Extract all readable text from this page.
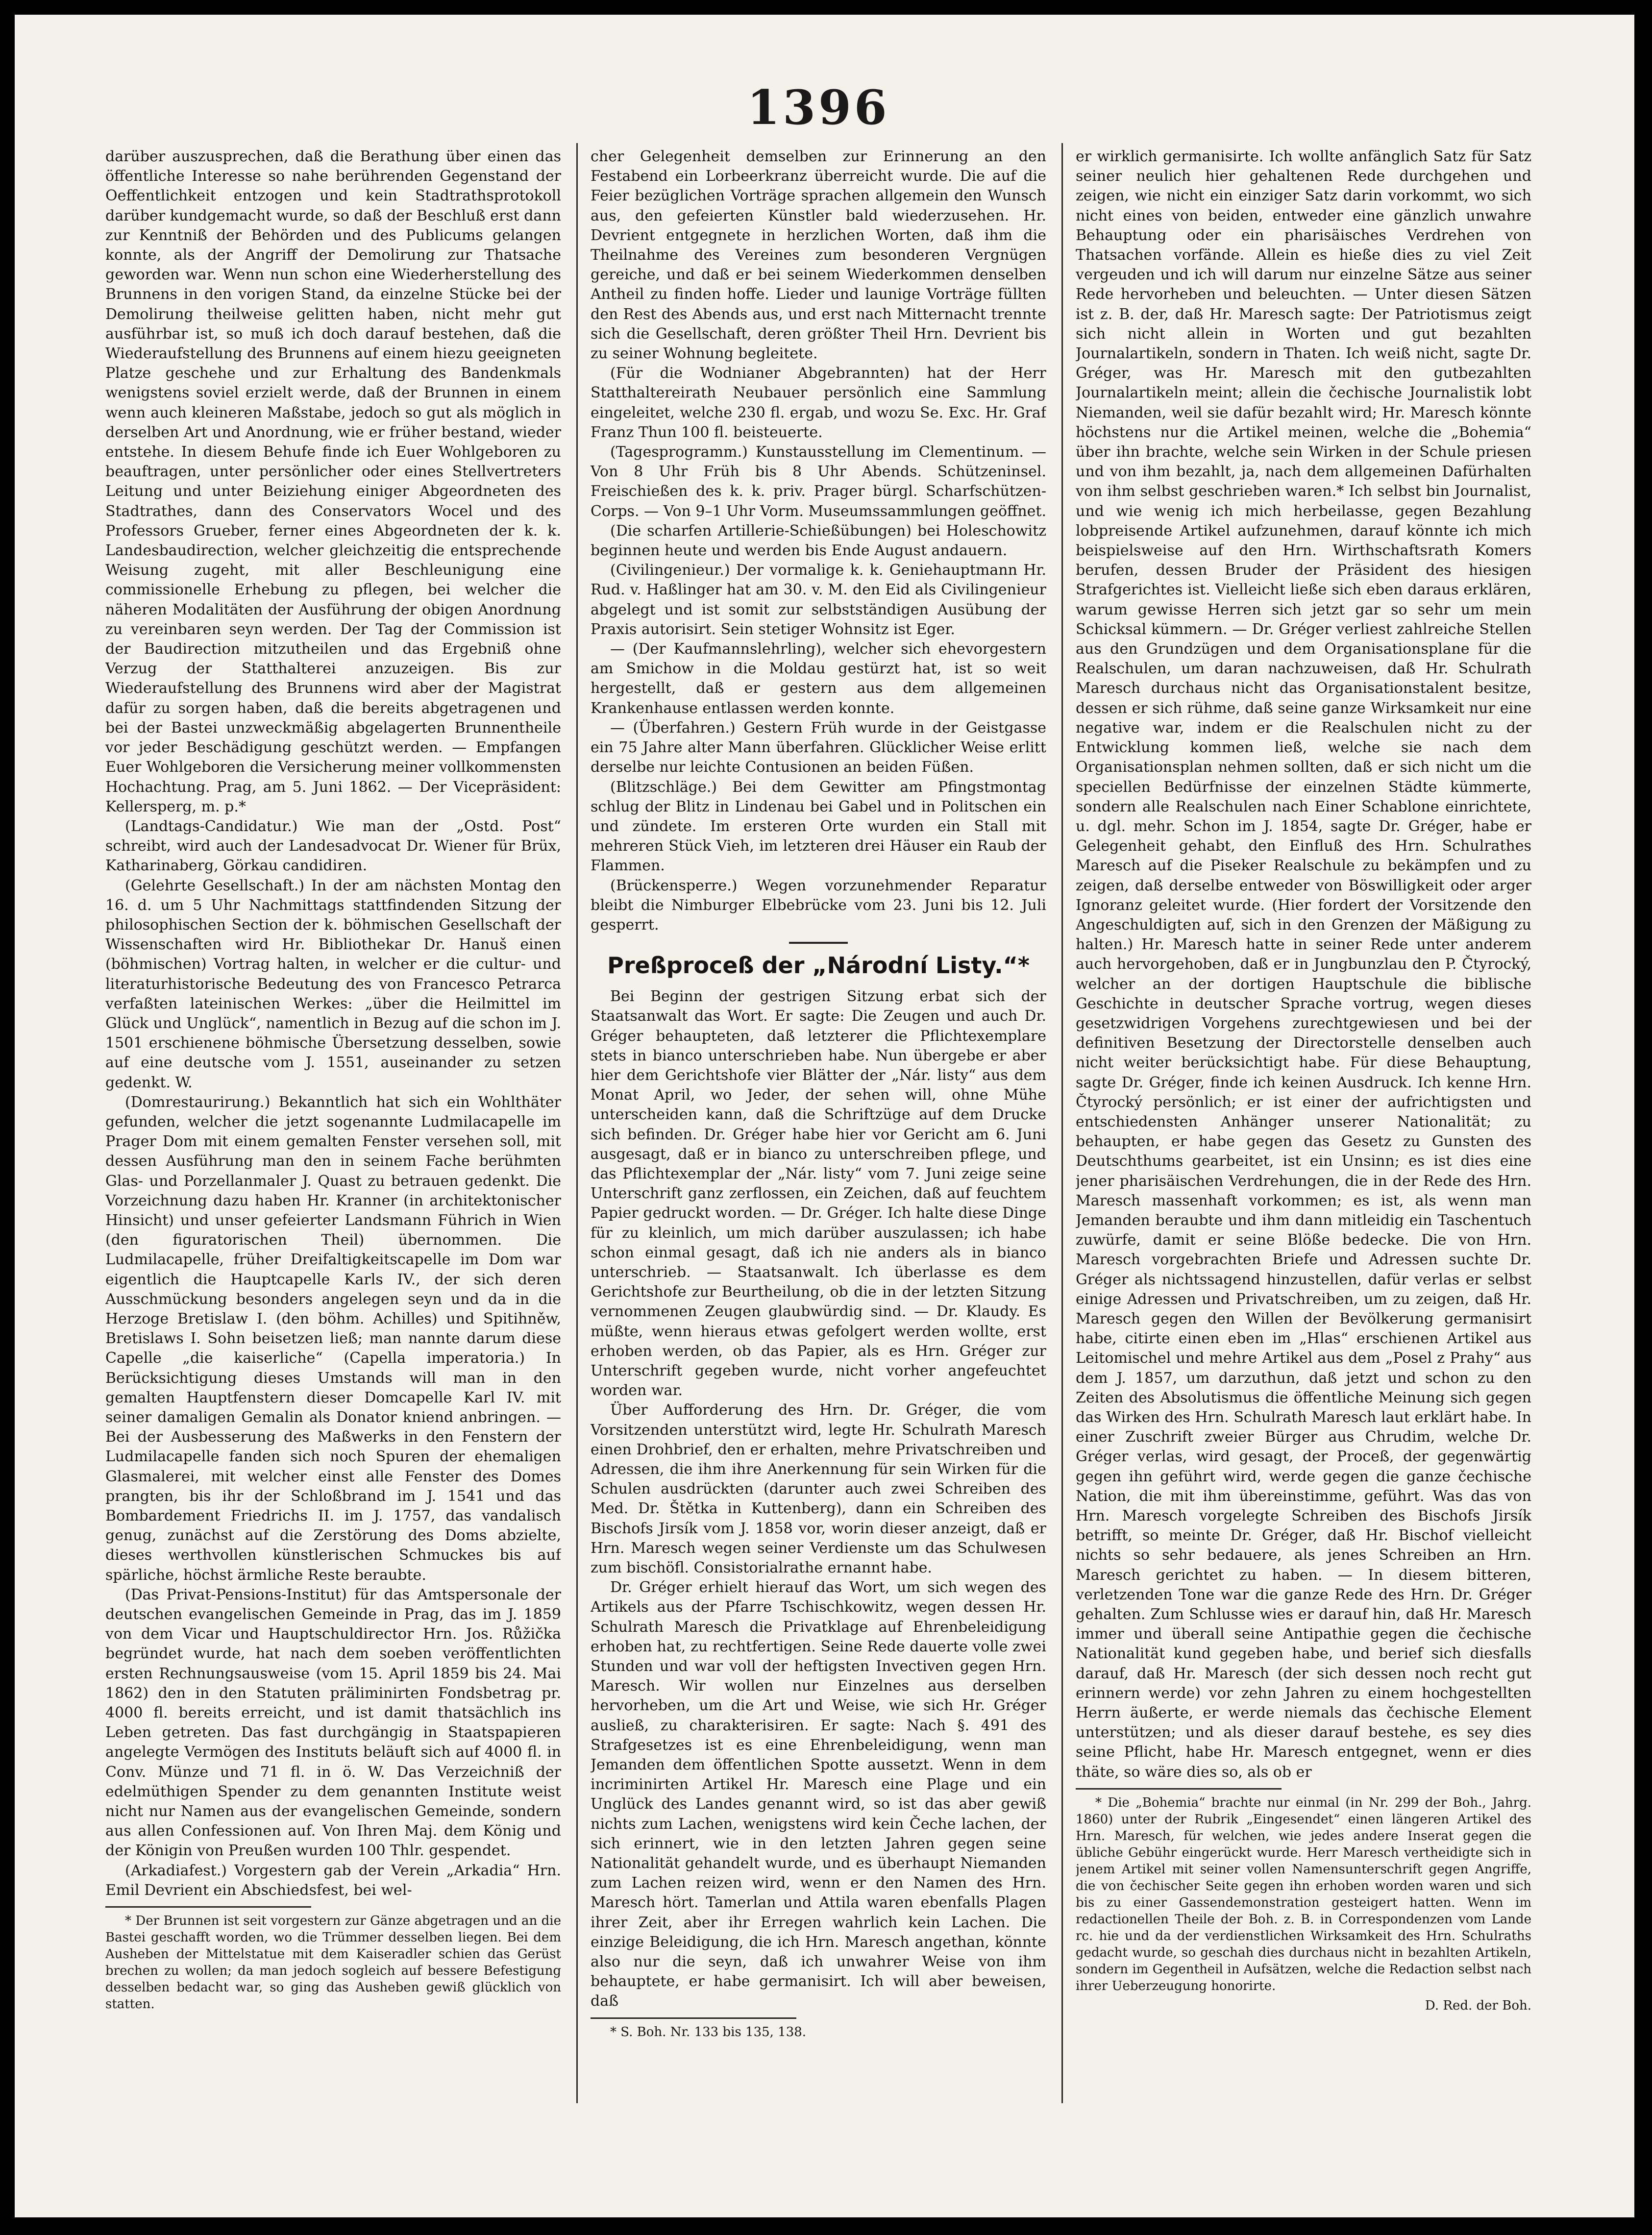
1396

darüber auszusprechen, daß die Berathung über einen das öffentliche Interesse so nahe berührenden Gegenstand der Oeffentlichkeit entzogen und kein Stadtrathsprotokoll darüber kundgemacht wurde, so daß der Beschluß erst dann zur Kenntniß der Behörden und des Publicums gelangen konnte, als der Angriff der Demolirung zur Thatsache geworden war. Wenn nun schon eine Wiederherstellung des Brunnens in den vorigen Stand, da einzelne Stücke bei der Demolirung theilweise gelitten haben, nicht mehr gut ausführbar ist, so muß ich doch darauf bestehen, daß die Wiederaufstellung des Brunnens auf einem hiezu geeigneten Platze geschehe und zur Erhaltung des Bandenkmals wenigstens soviel erzielt werde, daß der Brunnen in einem wenn auch kleineren Maßstabe, jedoch so gut als möglich in derselben Art und Anordnung, wie er früher bestand, wieder entstehe. In diesem Behufe finde ich Euer Wohlgeboren zu beauftragen, unter persönlicher oder eines Stellvertreters Leitung und unter Beiziehung einiger Abgeordneten des Stadtrathes, dann des Conservators Wocel und des Professors Grueber, ferner eines Abgeordneten der k. k. Landesbaudirection, welcher gleichzeitig die entsprechende Weisung zugeht, mit aller Beschleunigung eine commissionelle Erhebung zu pflegen, bei welcher die näheren Modalitäten der Ausführung der obigen Anordnung zu vereinbaren seyn werden. Der Tag der Commission ist der Baudirection mitzutheilen und das Ergebniß ohne Verzug der Statthalterei anzuzeigen. Bis zur Wiederaufstellung des Brunnens wird aber der Magistrat dafür zu sorgen haben, daß die bereits abgetragenen und bei der Bastei unzweckmäßig abgelagerten Brunnentheile vor jeder Beschädigung geschützt werden. — Empfangen Euer Wohlgeboren die Versicherung meiner vollkommensten Hochachtung. Prag, am 5. Juni 1862. — Der Vicepräsident: Kellersperg, m. p.*

(Landtags-Candidatur.) Wie man der „Ostd. Post“ schreibt, wird auch der Landesadvocat Dr. Wiener für Brüx, Katharinaberg, Görkau candidiren.

(Gelehrte Gesellschaft.) In der am nächsten Montag den 16. d. um 5 Uhr Nachmittags stattfindenden Sitzung der philosophischen Section der k. böhmischen Gesellschaft der Wissenschaften wird Hr. Bibliothekar Dr. Hanuš einen (böhmischen) Vortrag halten, in welcher er die cultur- und literaturhistorische Bedeutung des von Francesco Petrarca verfaßten lateinischen Werkes: „über die Heilmittel im Glück und Unglück“, namentlich in Bezug auf die schon im J. 1501 erschienene böhmische Übersetzung desselben, sowie auf eine deutsche vom J. 1551, auseinander zu setzen gedenkt. W.

(Domrestaurirung.) Bekanntlich hat sich ein Wohlthäter gefunden, welcher die jetzt sogenannte Ludmilacapelle im Prager Dom mit einem gemalten Fenster versehen soll, mit dessen Ausführung man den in seinem Fache berühmten Glas- und Porzellanmaler J. Quast zu betrauen gedenkt. Die Vorzeichnung dazu haben Hr. Kranner (in architektonischer Hinsicht) und unser gefeierter Landsmann Führich in Wien (den figuratorischen Theil) übernommen. Die Ludmilacapelle, früher Dreifaltigkeitscapelle im Dom war eigentlich die Hauptcapelle Karls IV., der sich deren Ausschmückung besonders angelegen seyn und da in die Herzoge Bretislaw I. (den böhm. Achilles) und Spitihněw, Bretislaws I. Sohn beisetzen ließ; man nannte darum diese Capelle „die kaiserliche“ (Capella imperatoria.) In Berücksichtigung dieses Umstands will man in den gemalten Hauptfenstern dieser Domcapelle Karl IV. mit seiner damaligen Gemalin als Donator kniend anbringen. — Bei der Ausbesserung des Maßwerks in den Fenstern der Ludmilacapelle fanden sich noch Spuren der ehemaligen Glasmalerei, mit welcher einst alle Fenster des Domes prangten, bis ihr der Schloßbrand im J. 1541 und das Bombardement Friedrichs II. im J. 1757, das vandalisch genug, zunächst auf die Zerstörung des Doms abzielte, dieses werthvollen künstlerischen Schmuckes bis auf spärliche, höchst ärmliche Reste beraubte.

(Das Privat-Pensions-Institut) für das Amtspersonale der deutschen evangelischen Gemeinde in Prag, das im J. 1859 von dem Vicar und Hauptschuldirector Hrn. Jos. Růžička begründet wurde, hat nach dem soeben veröffentlichten ersten Rechnungsausweise (vom 15. April 1859 bis 24. Mai 1862) den in den Statuten präliminirten Fondsbetrag pr. 4000 fl. bereits erreicht, und ist damit thatsächlich ins Leben getreten. Das fast durchgängig in Staatspapieren angelegte Vermögen des Instituts beläuft sich auf 4000 fl. in Conv. Münze und 71 fl. in ö. W. Das Verzeichniß der edelmüthigen Spender zu dem genannten Institute weist nicht nur Namen aus der evangelischen Gemeinde, sondern aus allen Confessionen auf. Von Ihren Maj. dem König und der Königin von Preußen wurden 100 Thlr. gespendet.

(Arkadiafest.) Vorgestern gab der Verein „Arkadia“ Hrn. Emil Devrient ein Abschiedsfest, bei wel-

* Der Brunnen ist seit vorgestern zur Gänze abgetragen und an die Bastei geschafft worden, wo die Trümmer desselben liegen. Bei dem Ausheben der Mittelstatue mit dem Kaiseradler schien das Gerüst brechen zu wollen; da man jedoch sogleich auf bessere Befestigung desselben bedacht war, so ging das Ausheben gewiß glücklich von statten.

cher Gelegenheit demselben zur Erinnerung an den Festabend ein Lorbeerkranz überreicht wurde. Die auf die Feier bezüglichen Vorträge sprachen allgemein den Wunsch aus, den gefeierten Künstler bald wiederzusehen. Hr. Devrient entgegnete in herzlichen Worten, daß ihm die Theilnahme des Vereines zum besonderen Vergnügen gereiche, und daß er bei seinem Wiederkommen denselben Antheil zu finden hoffe. Lieder und launige Vorträge füllten den Rest des Abends aus, und erst nach Mitternacht trennte sich die Gesellschaft, deren größter Theil Hrn. Devrient bis zu seiner Wohnung begleitete.

(Für die Wodnianer Abgebrannten) hat der Herr Statthaltereirath Neubauer persönlich eine Sammlung eingeleitet, welche 230 fl. ergab, und wozu Se. Exc. Hr. Graf Franz Thun 100 fl. beisteuerte.

(Tagesprogramm.) Kunstausstellung im Clementinum. — Von 8 Uhr Früh bis 8 Uhr Abends. Schützeninsel. Freischießen des k. k. priv. Prager bürgl. Scharfschützen-Corps. — Von 9–1 Uhr Vorm. Museumssammlungen geöffnet.

(Die scharfen Artillerie-Schießübungen) bei Holeschowitz beginnen heute und werden bis Ende August andauern.

(Civilingenieur.) Der vormalige k. k. Geniehauptmann Hr. Rud. v. Haßlinger hat am 30. v. M. den Eid als Civilingenieur abgelegt und ist somit zur selbstständigen Ausübung der Praxis autorisirt. Sein stetiger Wohnsitz ist Eger.

— (Der Kaufmannslehrling), welcher sich ehevorgestern am Smichow in die Moldau gestürzt hat, ist so weit hergestellt, daß er gestern aus dem allgemeinen Krankenhause entlassen werden konnte.

— (Überfahren.) Gestern Früh wurde in der Geistgasse ein 75 Jahre alter Mann überfahren. Glücklicher Weise erlitt derselbe nur leichte Contusionen an beiden Füßen.

(Blitzschläge.) Bei dem Gewitter am Pfingstmontag schlug der Blitz in Lindenau bei Gabel und in Politschen ein und zündete. Im ersteren Orte wurden ein Stall mit mehreren Stück Vieh, im letzteren drei Häuser ein Raub der Flammen.

(Brückensperre.) Wegen vorzunehmender Reparatur bleibt die Nimburger Elbebrücke vom 23. Juni bis 12. Juli gesperrt.

Preßproceß der „Národní Listy.“*

Bei Beginn der gestrigen Sitzung erbat sich der Staatsanwalt das Wort. Er sagte: Die Zeugen und auch Dr. Gréger behaupteten, daß letzterer die Pflichtexemplare stets in bianco unterschrieben habe. Nun übergebe er aber hier dem Gerichtshofe vier Blätter der „Nár. listy“ aus dem Monat April, wo Jeder, der sehen will, ohne Mühe unterscheiden kann, daß die Schriftzüge auf dem Drucke sich befinden. Dr. Gréger habe hier vor Gericht am 6. Juni ausgesagt, daß er in bianco zu unterschreiben pflege, und das Pflichtexemplar der „Nár. listy“ vom 7. Juni zeige seine Unterschrift ganz zerflossen, ein Zeichen, daß auf feuchtem Papier gedruckt worden. — Dr. Gréger. Ich halte diese Dinge für zu kleinlich, um mich darüber auszulassen; ich habe schon einmal gesagt, daß ich nie anders als in bianco unterschrieb. — Staatsanwalt. Ich überlasse es dem Gerichtshofe zur Beurtheilung, ob die in der letzten Sitzung vernommenen Zeugen glaubwürdig sind. — Dr. Klaudy. Es müßte, wenn hieraus etwas gefolgert werden wollte, erst erhoben werden, ob das Papier, als es Hrn. Gréger zur Unterschrift gegeben wurde, nicht vorher angefeuchtet worden war.

Über Aufforderung des Hrn. Dr. Gréger, die vom Vorsitzenden unterstützt wird, legte Hr. Schulrath Maresch einen Drohbrief, den er erhalten, mehre Privatschreiben und Adressen, die ihm ihre Anerkennung für sein Wirken für die Schulen ausdrückten (darunter auch zwei Schreiben des Med. Dr. Štětka in Kuttenberg), dann ein Schreiben des Bischofs Jirsík vom J. 1858 vor, worin dieser anzeigt, daß er Hrn. Maresch wegen seiner Verdienste um das Schulwesen zum bischöfl. Consistorialrathe ernannt habe.

Dr. Gréger erhielt hierauf das Wort, um sich wegen des Artikels aus der Pfarre Tschischkowitz, wegen dessen Hr. Schulrath Maresch die Privatklage auf Ehrenbeleidigung erhoben hat, zu rechtfertigen. Seine Rede dauerte volle zwei Stunden und war voll der heftigsten Invectiven gegen Hrn. Maresch. Wir wollen nur Einzelnes aus derselben hervorheben, um die Art und Weise, wie sich Hr. Gréger ausließ, zu charakterisiren. Er sagte: Nach §. 491 des Strafgesetzes ist es eine Ehrenbeleidigung, wenn man Jemanden dem öffentlichen Spotte aussetzt. Wenn in dem incriminirten Artikel Hr. Maresch eine Plage und ein Unglück des Landes genannt wird, so ist das aber gewiß nichts zum Lachen, wenigstens wird kein Čeche lachen, der sich erinnert, wie in den letzten Jahren gegen seine Nationalität gehandelt wurde, und es überhaupt Niemanden zum Lachen reizen wird, wenn er den Namen des Hrn. Maresch hört. Tamerlan und Attila waren ebenfalls Plagen ihrer Zeit, aber ihr Erregen wahrlich kein Lachen. Die einzige Beleidigung, die ich Hrn. Maresch angethan, könnte also nur die seyn, daß ich unwahrer Weise von ihm behauptete, er habe germanisirt. Ich will aber beweisen, daß

* S. Boh. Nr. 133 bis 135, 138.

er wirklich germanisirte. Ich wollte anfänglich Satz für Satz seiner neulich hier gehaltenen Rede durchgehen und zeigen, wie nicht ein einziger Satz darin vorkommt, wo sich nicht eines von beiden, entweder eine gänzlich unwahre Behauptung oder ein pharisäisches Verdrehen von Thatsachen vorfände. Allein es hieße dies zu viel Zeit vergeuden und ich will darum nur einzelne Sätze aus seiner Rede hervorheben und beleuchten. — Unter diesen Sätzen ist z. B. der, daß Hr. Maresch sagte: Der Patriotismus zeigt sich nicht allein in Worten und gut bezahlten Journalartikeln, sondern in Thaten. Ich weiß nicht, sagte Dr. Gréger, was Hr. Maresch mit den gutbezahlten Journalartikeln meint; allein die čechische Journalistik lobt Niemanden, weil sie dafür bezahlt wird; Hr. Maresch könnte höchstens nur die Artikel meinen, welche die „Bohemia“ über ihn brachte, welche sein Wirken in der Schule priesen und von ihm bezahlt, ja, nach dem allgemeinen Dafürhalten von ihm selbst geschrieben waren.* Ich selbst bin Journalist, und wie wenig ich mich herbeilasse, gegen Bezahlung lobpreisende Artikel aufzunehmen, darauf könnte ich mich beispielsweise auf den Hrn. Wirthschaftsrath Komers berufen, dessen Bruder der Präsident des hiesigen Strafgerichtes ist. Vielleicht ließe sich eben daraus erklären, warum gewisse Herren sich jetzt gar so sehr um mein Schicksal kümmern. — Dr. Gréger verliest zahlreiche Stellen aus den Grundzügen und dem Organisationsplane für die Realschulen, um daran nachzuweisen, daß Hr. Schulrath Maresch durchaus nicht das Organisationstalent besitze, dessen er sich rühme, daß seine ganze Wirksamkeit nur eine negative war, indem er die Realschulen nicht zu der Entwicklung kommen ließ, welche sie nach dem Organisationsplan nehmen sollten, daß er sich nicht um die speciellen Bedürfnisse der einzelnen Städte kümmerte, sondern alle Realschulen nach Einer Schablone einrichtete, u. dgl. mehr. Schon im J. 1854, sagte Dr. Gréger, habe er Gelegenheit gehabt, den Einfluß des Hrn. Schulrathes Maresch auf die Piseker Realschule zu bekämpfen und zu zeigen, daß derselbe entweder von Böswilligkeit oder arger Ignoranz geleitet wurde. (Hier fordert der Vorsitzende den Angeschuldigten auf, sich in den Grenzen der Mäßigung zu halten.) Hr. Maresch hatte in seiner Rede unter anderem auch hervorgehoben, daß er in Jungbunzlau den P. Čtyrocký, welcher an der dortigen Hauptschule die biblische Geschichte in deutscher Sprache vortrug, wegen dieses gesetzwidrigen Vorgehens zurechtgewiesen und bei der definitiven Besetzung der Directorstelle denselben auch nicht weiter berücksichtigt habe. Für diese Behauptung, sagte Dr. Gréger, finde ich keinen Ausdruck. Ich kenne Hrn. Čtyrocký persönlich; er ist einer der aufrichtigsten und entschiedensten Anhänger unserer Nationalität; zu behaupten, er habe gegen das Gesetz zu Gunsten des Deutschthums gearbeitet, ist ein Unsinn; es ist dies eine jener pharisäischen Verdrehungen, die in der Rede des Hrn. Maresch massenhaft vorkommen; es ist, als wenn man Jemanden beraubte und ihm dann mitleidig ein Taschentuch zuwürfe, damit er seine Blöße bedecke. Die von Hrn. Maresch vorgebrachten Briefe und Adressen suchte Dr. Gréger als nichtssagend hinzustellen, dafür verlas er selbst einige Adressen und Privatschreiben, um zu zeigen, daß Hr. Maresch gegen den Willen der Bevölkerung germanisirt habe, citirte einen eben im „Hlas“ erschienen Artikel aus Leitomischel und mehre Artikel aus dem „Posel z Prahy“ aus dem J. 1857, um darzuthun, daß jetzt und schon zu den Zeiten des Absolutismus die öffentliche Meinung sich gegen das Wirken des Hrn. Schulrath Maresch laut erklärt habe. In einer Zuschrift zweier Bürger aus Chrudim, welche Dr. Gréger verlas, wird gesagt, der Proceß, der gegenwärtig gegen ihn geführt wird, werde gegen die ganze čechische Nation, die mit ihm übereinstimme, geführt. Was das von Hrn. Maresch vorgelegte Schreiben des Bischofs Jirsík betrifft, so meinte Dr. Gréger, daß Hr. Bischof vielleicht nichts so sehr bedauere, als jenes Schreiben an Hrn. Maresch gerichtet zu haben. — In diesem bitteren, verletzenden Tone war die ganze Rede des Hrn. Dr. Gréger gehalten. Zum Schlusse wies er darauf hin, daß Hr. Maresch immer und überall seine Antipathie gegen die čechische Nationalität kund gegeben habe, und berief sich diesfalls darauf, daß Hr. Maresch (der sich dessen noch recht gut erinnern werde) vor zehn Jahren zu einem hochgestellten Herrn äußerte, er werde niemals das čechische Element unterstützen; und als dieser darauf bestehe, es sey dies seine Pflicht, habe Hr. Maresch entgegnet, wenn er dies thäte, so wäre dies so, als ob er

* Die „Bohemia“ brachte nur einmal (in Nr. 299 der Boh., Jahrg. 1860) unter der Rubrik „Eingesendet“ einen längeren Artikel des Hrn. Maresch, für welchen, wie jedes andere Inserat gegen die übliche Gebühr eingerückt wurde. Herr Maresch vertheidigte sich in jenem Artikel mit seiner vollen Namensunterschrift gegen Angriffe, die von čechischer Seite gegen ihn erhoben worden waren und sich bis zu einer Gassendemonstration gesteigert hatten. Wenn im redactionellen Theile der Boh. z. B. in Correspondenzen vom Lande rc. hie und da der verdienstlichen Wirksamkeit des Hrn. Schulraths gedacht wurde, so geschah dies durchaus nicht in bezahlten Artikeln, sondern im Gegentheil in Aufsätzen, welche die Redaction selbst nach ihrer Ueberzeugung honorirte.

D. Red. der Boh.
